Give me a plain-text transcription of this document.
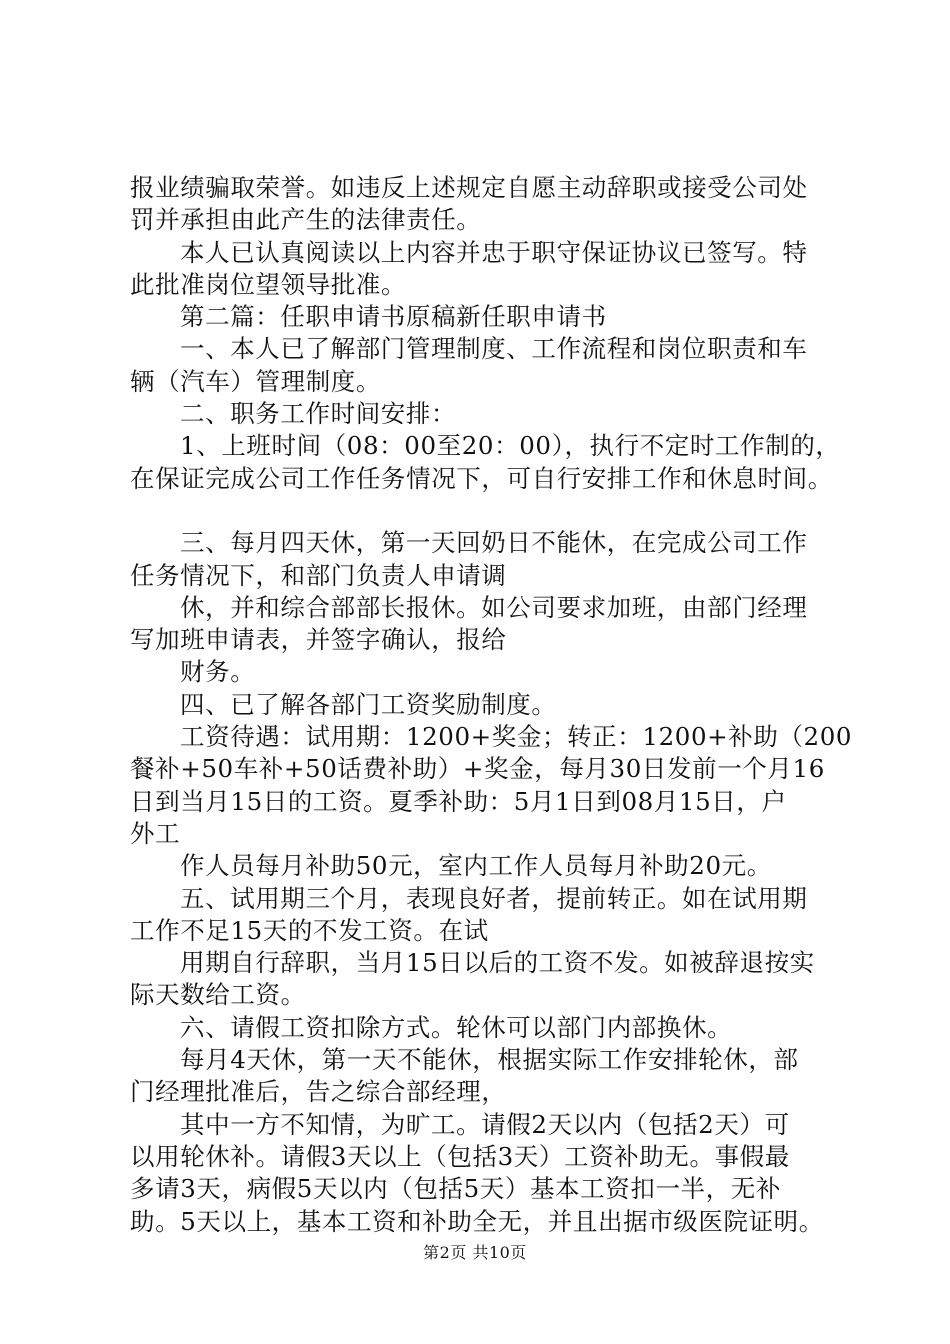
报业绩骗取荣誉。如违反上述规定自愿主动辞职或接受公司处
罚并承担由此产生的法律责任。
本人已认真阅读以上内容并忠于职守保证协议已签写。特
此批准岗位望领导批准。
第二篇：任职申请书原稿新任职申请书
一、本人已了解部门管理制度、工作流程和岗位职责和车
辆（汽车）管理制度。
二、职务工作时间安排：
1、上班时间（08：00至20：00），执行不定时工作制的，
在保证完成公司工作任务情况下，可自行安排工作和休息时间。
三、每月四天休，第一天回奶日不能休，在完成公司工作
任务情况下，和部门负责人申请调
休，并和综合部部长报休。如公司要求加班，由部门经理
写加班申请表，并签字确认，报给
财务。
四、已了解各部门工资奖励制度。
工资待遇：试用期：1200+奖金；转正：1200+补助（200
餐补+50车补+50话费补助）+奖金，每月30日发前一个月16
日到当月15日的工资。夏季补助：5月1日到08月15日，户
外工
作人员每月补助50元，室内工作人员每月补助20元。
五、试用期三个月，表现良好者，提前转正。如在试用期
工作不足15天的不发工资。在试
用期自行辞职，当月15日以后的工资不发。如被辞退按实
际天数给工资。
六、请假工资扣除方式。轮休可以部门内部换休。
每月4天休，第一天不能休，根据实际工作安排轮休，部
门经理批准后，告之综合部经理，
其中一方不知情，为旷工。请假2天以内（包括2天）可
以用轮休补。请假3天以上（包括3天）工资补助无。事假最
多请3天，病假5天以内（包括5天）基本工资扣一半，无补
助。5天以上，基本工资和补助全无，并且出据市级医院证明。
第2页 共10页
